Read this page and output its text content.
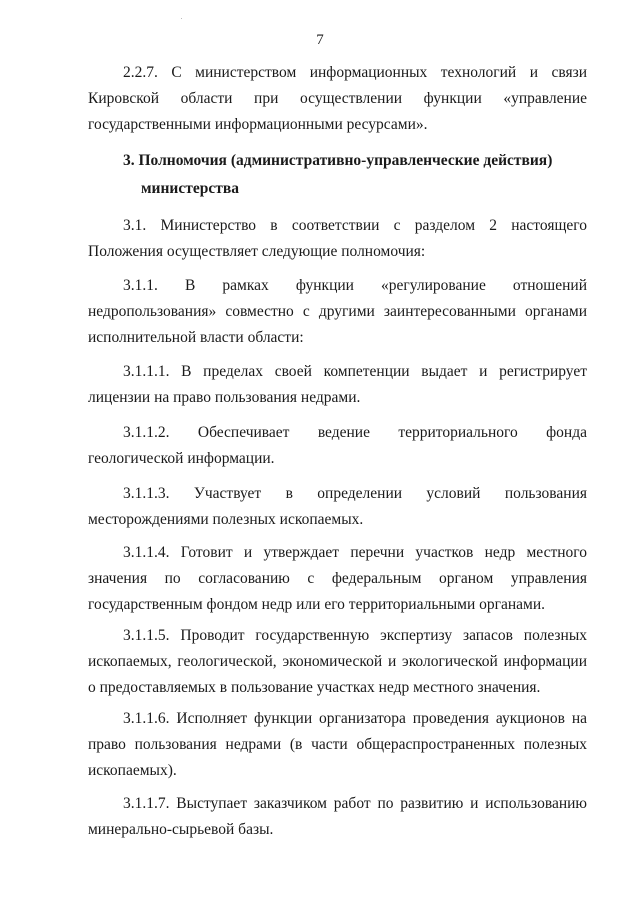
7

2.2.7. С министерством информационных технологий и связи Кировской области при осуществлении функции «управление государственными информационными ресурсами».

3. Полномочия (административно-управленческие действия)
министерства

3.1. Министерство в соответствии с разделом 2 настоящего Положения осуществляет следующие полномочия:

3.1.1. В рамках функции «регулирование отношений недропользования» совместно с другими заинтересованными органами исполнительной власти области:

3.1.1.1. В пределах своей компетенции выдает и регистрирует лицензии на право пользования недрами.

3.1.1.2. Обеспечивает ведение территориального фонда геологической информации.

3.1.1.3. Участвует в определении условий пользования месторождениями полезных ископаемых.

3.1.1.4. Готовит и утверждает перечни участков недр местного значения по согласованию с федеральным органом управления государственным фондом недр или его территориальными органами.

3.1.1.5. Проводит государственную экспертизу запасов полезных ископаемых, геологической, экономической и экологической информации о предоставляемых в пользование участках недр местного значения.

3.1.1.6. Исполняет функции организатора проведения аукционов на право пользования недрами (в части общераспространенных полезных ископаемых).

3.1.1.7. Выступает заказчиком работ по развитию и использованию минерально-сырьевой базы.
